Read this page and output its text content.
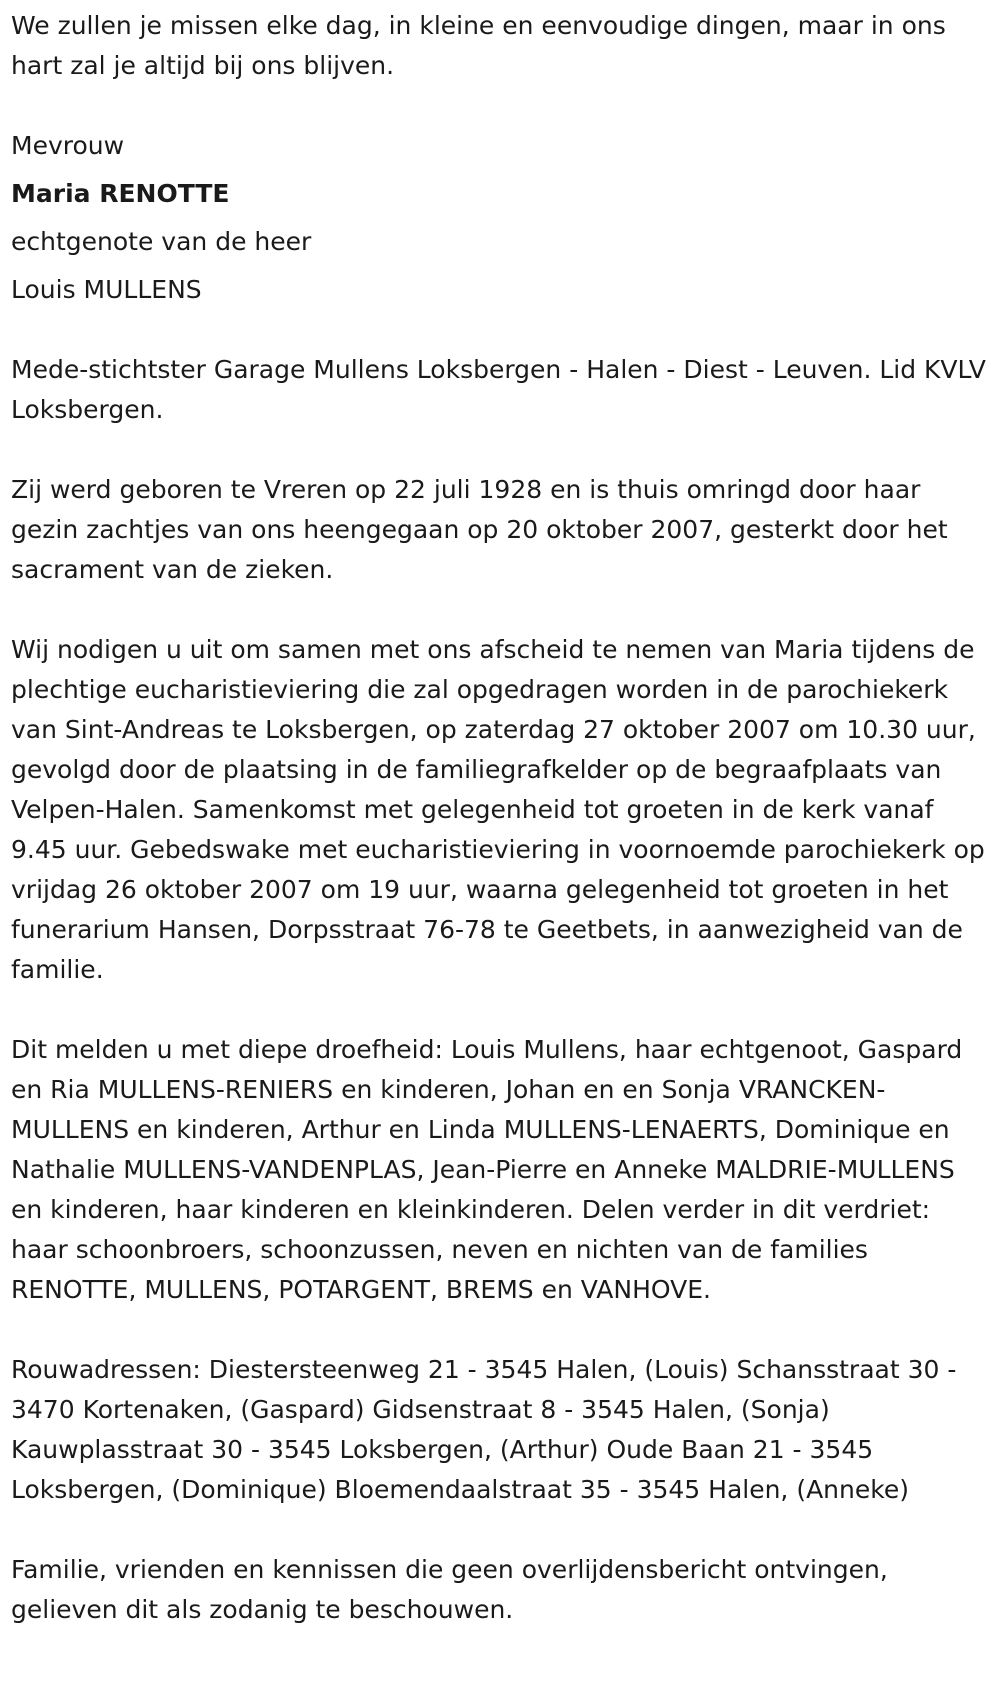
We zullen je missen elke dag, in kleine en eenvoudige dingen, maar in ons hart zal je altijd bij ons blijven.

Mevrouw

Maria RENOTTE

echtgenote van de heer

Louis MULLENS

Mede-stichtster Garage Mullens Loksbergen - Halen - Diest - Leuven. Lid KVLV Loksbergen.

Zij werd geboren te Vreren op 22 juli 1928 en is thuis omringd door haar gezin zachtjes van ons heengegaan op 20 oktober 2007, gesterkt door het sacrament van de zieken.

Wij nodigen u uit om samen met ons afscheid te nemen van Maria tijdens de plechtige eucharistieviering die zal opgedragen worden in de parochiekerk van Sint-Andreas te Loksbergen, op zaterdag 27 oktober 2007 om 10.30 uur, gevolgd door de plaatsing in de familiegrafkelder op de begraafplaats van Velpen-Halen. Samenkomst met gelegenheid tot groeten in de kerk vanaf 9.45 uur. Gebedswake met eucharistieviering in voornoemde parochiekerk op vrijdag 26 oktober 2007 om 19 uur, waarna gelegenheid tot groeten in het funerarium Hansen, Dorpsstraat 76-78 te Geetbets, in aanwezigheid van de familie.

Dit melden u met diepe droefheid: Louis Mullens, haar echtgenoot, Gaspard en Ria MULLENS-RENIERS en kinderen, Johan en en Sonja VRANCKEN-MULLENS en kinderen, Arthur en Linda MULLENS-LENAERTS, Dominique en Nathalie MULLENS-VANDENPLAS, Jean-Pierre en Anneke MALDRIE-MULLENS en kinderen, haar kinderen en kleinkinderen. Delen verder in dit verdriet: haar schoonbroers, schoonzussen, neven en nichten van de families RENOTTE, MULLENS, POTARGENT, BREMS en VANHOVE.

Rouwadressen: Diestersteenweg 21 - 3545 Halen, (Louis) Schansstraat 30 - 3470 Kortenaken, (Gaspard) Gidsenstraat 8 - 3545 Halen, (Sonja) Kauwplasstraat 30 - 3545 Loksbergen, (Arthur) Oude Baan 21 - 3545 Loksbergen, (Dominique) Bloemendaalstraat 35 - 3545 Halen, (Anneke)

Familie, vrienden en kennissen die geen overlijdensbericht ontvingen, gelieven dit als zodanig te beschouwen.
